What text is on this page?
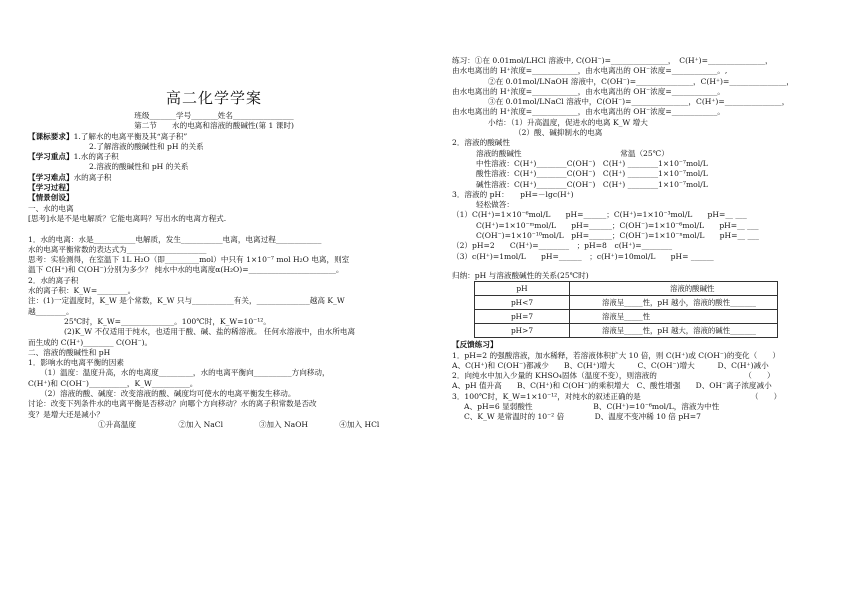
高二化学学案
班级_______学号_______姓名________________
第二节　　水的电离和溶液的酸碱性(第 1 课时)
【课标要求】1.了解水的电离平衡及其“离子积”
2.了解溶液的酸碱性和 pH 的关系
【学习重点】1.水的离子积
2.溶液的酸碱性和 pH 的关系
【学习难点】水的离子积
【学习过程】
【情景创设】
一、水的电离
[思考]水是不是电解质？它能电离吗？写出水的电离方程式.
1．水的电离：水是___________电解质，发生___________电离，电离过程____________
水的电离平衡常数的表达式为_____________________
思考：实验测得，在室温下 1L H₂O（即_________mol）中只有 1×10⁻⁷ mol H₂O 电离，则室
温下 C(H⁺)和 C(OH⁻)分别为多少？ 纯水中水的电离度α(H₂O)=_______________________。
2．水的离子积
水的离子积：K_W=________。
注：(1)一定温度时，K_W 是个常数，K_W 只与___________有关，______________越高 K_W
越________。
25℃时，K_W=______________。100℃时，K_W=10⁻¹²。
(2)K_W 不仅适用于纯水，也适用于酸、碱、盐的稀溶液。 任何水溶液中，由水所电离
而生成的 C(H⁺)________ C(OH⁻)。
二、溶液的酸碱性和 pH
1．影响水的电离平衡的因素
（1）温度：温度升高，水的电离度_________，水的电离平衡向__________方向移动，
C(H⁺)和 C(OH⁻)__________，K_W__________。
（2）溶液的酸、碱度：改变溶液的酸、碱度均可使水的电离平衡发生移动。
讨论：改变下列条件水的电离平衡是否移动？向哪个方向移动？水的离子积常数是否改
变？是增大还是减小？
①升高温度	②加入 NaCl	③加入 NaOH	④加入 HCl
练习：①在 0.01mol/LHCl 溶液中, C(OH⁻)=_______________，　C(H⁺)=_______________，
由水电离出的 H⁺浓度=____________，由水电离出的 OH⁻浓度=____________。,
②在 0.01mol/LNaOH 溶液中，C(OH⁻)=_______________，C(H⁺)=_______________，
由水电离出的 H⁺浓度=____________，由水电离出的 OH⁻浓度=____________。
③在 0.01mol/LNaCl 溶液中，C(OH⁻)=_______________，C(H⁺)=_______________，
由水电离出的 H⁺浓度=____________，由水电离出的 OH⁻浓度=____________。
小结：（1）升高温度，促进水的电离 K_W 增大
（2）酸、碱抑制水的电离
2．溶液的酸碱性
溶液的酸碱性　　　　　　　　　　　　　常温（25℃）
中性溶液：C(H⁺)________C(OH⁻)　C(H⁺) ________1×10⁻⁷mol/L
酸性溶液：C(H⁺)________C(OH⁻)　C(H⁺) ________1×10⁻⁷mol/L
碱性溶液：C(H⁺)________C(OH⁻)　C(H⁺) ________1×10⁻⁷mol/L
3．溶液的 pH：　　pH=－lgc(H⁺)
轻松做答：
（1）C(H⁺)=1×10⁻⁶mol/L　　pH=______；C(H⁺)=1×10⁻³mol/L　　pH=__ ___
C(H⁺)=1×10⁻ᵐmol/L　　pH=______；C(OH⁻)=1×10⁻⁶mol/L　　pH=__ ___
C(OH⁻)=1×10⁻¹⁰mol/L　pH=______；C(OH⁻)=1×10⁻ⁿmol/L　　pH=__ ___
（2）pH=2　　C(H⁺)=________　；pH=8　c(H⁺)=________
（3）c(H⁺)=1mol/L　　pH=______　；c(H⁺)=10mol/L　　pH= ______
归纳：pH 与溶液酸碱性的关系(25℃时)
pH	溶液的酸碱性
pH<7	溶液呈_____性，pH 越小，溶液的酸性_______
pH=7	溶液呈_____性
pH>7	溶液呈_____性，pH 越大，溶液的碱性_______
【反馈练习】
1．pH=2 的强酸溶液，加水稀释，若溶液体积扩大 10 倍，则 C(H⁺)或 C(OH⁻)的变化（　　）
A、C(H⁺)和 C(OH⁻)都减少　　B、C(H⁺)增大　　　C、C(OH⁻)增大　　　D、C(H⁺)减小
2．向纯水中加入少量的 KHSO₄固体（温度不变），则溶液的　　　　　　　　　　　　（　　）
A、pH 值升高　　B、C(H⁺)和 C(OH⁻)的乘积增大　C、酸性增强　　D、OH⁻离子浓度减小
3．100℃时，K_W=1×10⁻¹²，对纯水的叙述正确的是　　　　　　　　　　　　　　　（　　）
A、pH=6 显弱酸性　　　　　　　　B、C(H⁺)=10⁻⁶mol/L，溶液为中性
C、K_W 是常温时的 10⁻² 倍　　　　D、温度不变冲稀 10 倍 pH=7
